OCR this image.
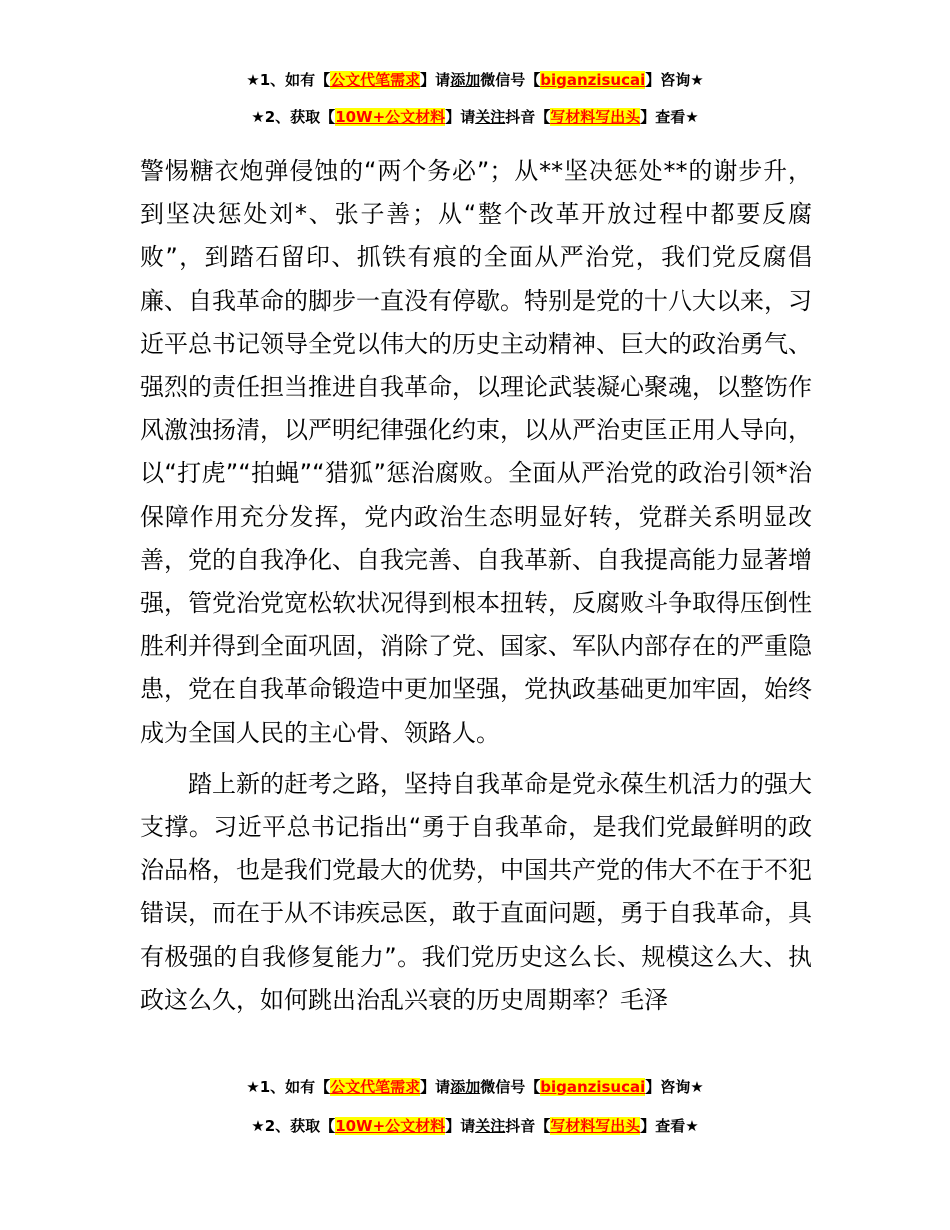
★1、如有【公文代笔需求】请添加微信号【biganzisucai】咨询★
★2、获取【10W+公文材料】请关注抖音【写材料写出头】查看★

警惕糖衣炮弹侵蚀的“两个务必”；从**坚决惩处**的谢步升，到坚决惩处刘*、张子善；从“整个改革开放过程中都要反腐败”，到踏石留印、抓铁有痕的全面从严治党，我们党反腐倡廉、自我革命的脚步一直没有停歇。特别是党的十八大以来，习近平总书记领导全党以伟大的历史主动精神、巨大的政治勇气、强烈的责任担当推进自我革命，以理论武装凝心聚魂，以整饬作风激浊扬清，以严明纪律强化约束，以从严治吏匡正用人导向，以“打虎”“拍蝇”“猎狐”惩治腐败。全面从严治党的政治引领*治保障作用充分发挥，党内政治生态明显好转，党群关系明显改善，党的自我净化、自我完善、自我革新、自我提高能力显著增强，管党治党宽松软状况得到根本扭转，反腐败斗争取得压倒性胜利并得到全面巩固，消除了党、国家、军队内部存在的严重隐患，党在自我革命锻造中更加坚强，党执政基础更加牢固，始终成为全国人民的主心骨、领路人。

踏上新的赶考之路，坚持自我革命是党永葆生机活力的强大支撑。习近平总书记指出“勇于自我革命，是我们党最鲜明的政治品格，也是我们党最大的优势，中国共产党的伟大不在于不犯错误，而在于从不讳疾忌医，敢于直面问题，勇于自我革命，具有极强的自我修复能力”。我们党历史这么长、规模这么大、执政这么久，如何跳出治乱兴衰的历史周期率？毛泽

★1、如有【公文代笔需求】请添加微信号【biganzisucai】咨询★
★2、获取【10W+公文材料】请关注抖音【写材料写出头】查看★
